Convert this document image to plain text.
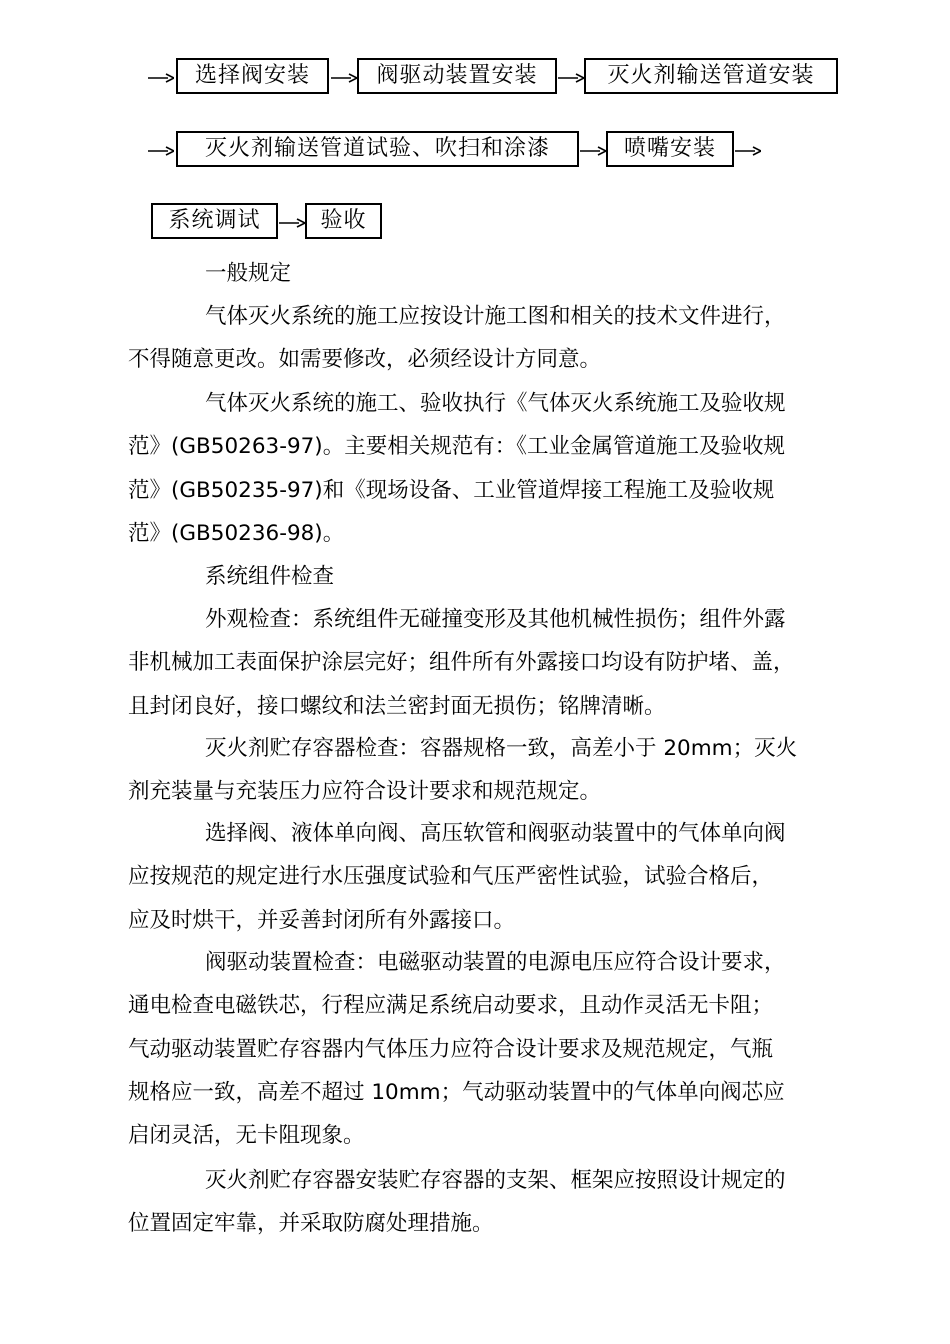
选择阀安装	阀驱动装置安装	灭火剂输送管道安装
灭火剂输送管道试验、吹扫和涂漆	喷嘴安装
系统调试	验收
一般规定
气体灭火系统的施工应按设计施工图和相关的技术文件进行，
不得随意更改。如需要修改，必须经设计方同意。
气体灭火系统的施工、验收执行《气体灭火系统施工及验收规
范》(GB50263-97)。主要相关规范有：《工业金属管道施工及验收规
范》(GB50235-97)和《现场设备、工业管道焊接工程施工及验收规
范》(GB50236-98)。
系统组件检查
外观检查：系统组件无碰撞变形及其他机械性损伤；组件外露
非机械加工表面保护涂层完好；组件所有外露接口均设有防护堵、盖，
且封闭良好，接口螺纹和法兰密封面无损伤；铭牌清晰。
灭火剂贮存容器检查：容器规格一致，高差小于 20mm；灭火
剂充装量与充装压力应符合设计要求和规范规定。
选择阀、液体单向阀、高压软管和阀驱动装置中的气体单向阀
应按规范的规定进行水压强度试验和气压严密性试验，试验合格后，
应及时烘干，并妥善封闭所有外露接口。
阀驱动装置检查：电磁驱动装置的电源电压应符合设计要求，
通电检查电磁铁芯，行程应满足系统启动要求，且动作灵活无卡阻；
气动驱动装置贮存容器内气体压力应符合设计要求及规范规定，气瓶
规格应一致，高差不超过 10mm；气动驱动装置中的气体单向阀芯应
启闭灵活，无卡阻现象。
灭火剂贮存容器安装贮存容器的支架、框架应按照设计规定的
位置固定牢靠，并采取防腐处理措施。
